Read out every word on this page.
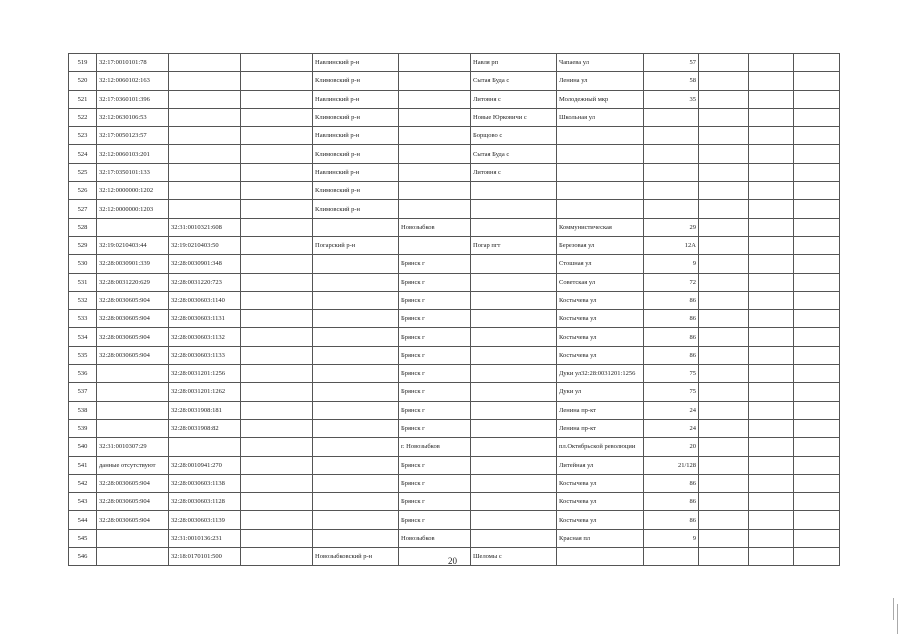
519	32:17:0010101:78			Навлинский р-н		Навля рп	Чапаева ул	57			
520	32:12:0060102:163			Климовский р-н		Сытая Буда с	Ленина ул	58			
521	32:17:0360101:396			Навлинский р-н		Литовня с	Молодежный мкр	35			
522	32:12:0630106:53			Климовский р-н		Новые Юрковичи с	Школьная ул				
523	32:17:0050123:57			Навлинский р-н		Борщово с					
524	32:12:0060103:201			Климовский р-н		Сытая Буда с					
525	32:17:0350101:133			Навлинский р-н		Литовня с					
526	32:12:0000000:1202			Климовский р-н							
527	32:12:0000000:1203			Климовский р-н							
528		32:31:0010321:608			Новозыбков		Коммунистическая	29			
529	32:19:0210403:44	32:19:0210403:50		Погарский р-н		Погар пгт	Березовая ул	12А			
530	32:28:0030901:339	32:28:0030901:348			Брянск г		Стошная ул	9			
531	32:28:0031220:629	32:28:0031220:723			Брянск г		Советская ул	72			
532	32:28:0030605:904	32:28:0030603:1140			Брянск г		Костычева ул	86			
533	32:28:0030605:904	32:28:0030603:1131			Брянск г		Костычева ул	86			
534	32:28:0030605:904	32:28:0030603:1132			Брянск г		Костычева ул	86			
535	32:28:0030605:904	32:28:0030603:1133			Брянск г		Костычева ул	86			
536		32:28:0031201:1256			Брянск г		Дуки ул32:28:0031201:1256	75			
537		32:28:0031201:1262			Брянск г		Дуки ул	75			
538		32:28:0031908:181			Брянск г		Ленина пр-кт	24			
539		32:28:0031908:82			Брянск г		Ленина пр-кт	24			
540	32:31:0010307:29				г. Новозыбков		пл.Октябрьской революции	20			
541	данные отсутствуют	32:28:0010941:270			Брянск г		Литейная ул	21/128			
542	32:28:0030605:904	32:28:0030603:1138			Брянск г		Костычева ул	86			
543	32:28:0030605:904	32:28:0030603:1128			Брянск г		Костычева ул	86			
544	32:28:0030605:904	32:28:0030603:1139			Брянск г		Костычева ул	86			
545		32:31:0010136:231			Новозыбков		Красная пл	9			
546		32:18:0170101:500		Новозыбковский р-н		Шеломы с					
20
